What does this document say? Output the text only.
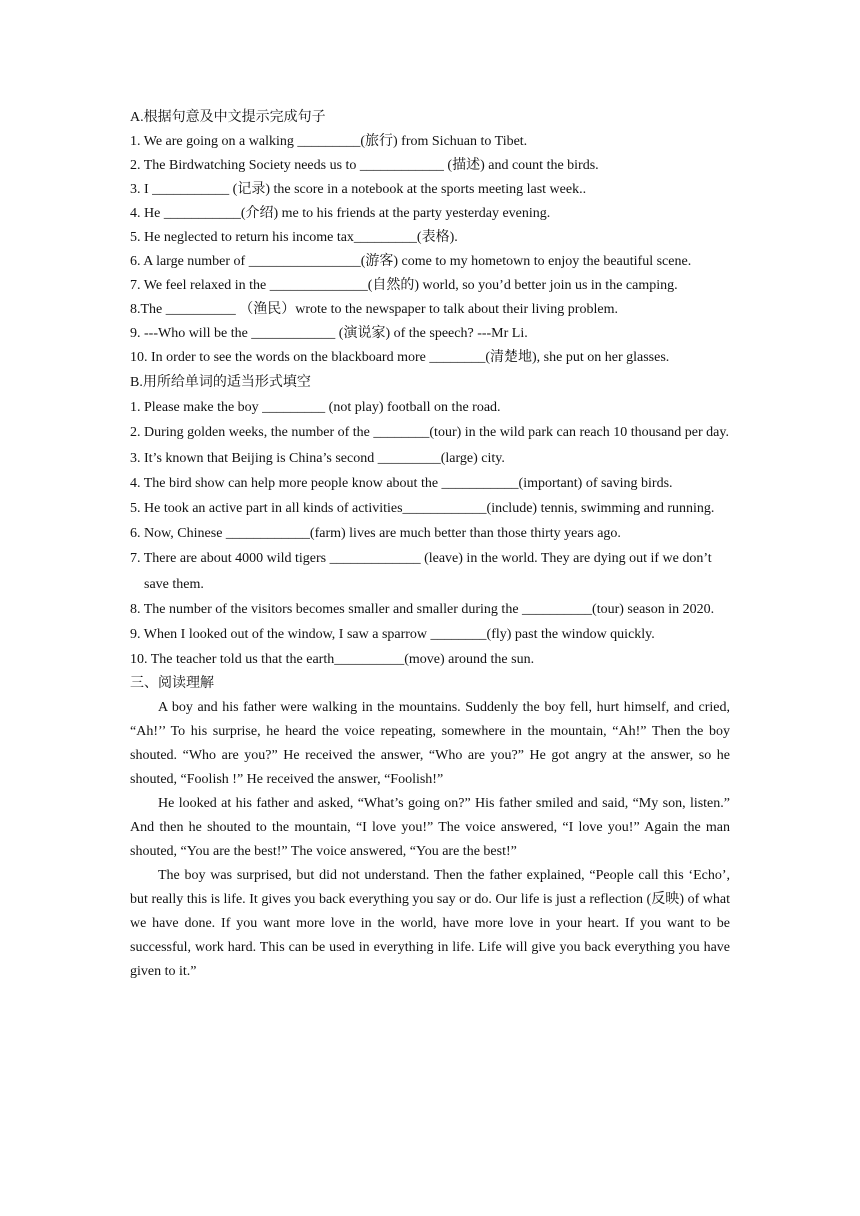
A.根据句意及中文提示完成句子
1. We are going on a walking _________(旅行) from Sichuan to Tibet.
2. The Birdwatching Society needs us to ____________ (描述) and count the birds.
3. I ___________ (记录) the score in a notebook at the sports meeting last week..
4. He ___________(介绍) me to his friends at the party yesterday evening.
5. He neglected to return his income tax_________(表格).
6. A large number of ________________(游客) come to my hometown to enjoy the beautiful scene.
7. We feel relaxed in the ______________(自然的) world, so you’d better join us in the camping.
8.The __________ （渔民）wrote to the newspaper to talk about their living problem.
9. ---Who will be the ____________ (演说家) of the speech? ---Mr Li.
10. In order to see the words on the blackboard more ________(清楚地), she put on her glasses.
B.用所给单词的适当形式填空
1. Please make the boy _________ (not play) football on the road.
2. During golden weeks, the number of the ________(tour) in the wild park can reach 10 thousand per day.
3. It’s known that Beijing is China’s second _________(large) city.
4. The bird show can help more people know about the ___________(important) of saving birds.
5. He took an active part in all kinds of activities____________(include) tennis, swimming and running.
6. Now, Chinese ____________(farm) lives are much better than those thirty years ago.
7. There are about 4000 wild tigers _____________ (leave) in the world. They are dying out if we don’t
save them.
8. The number of the visitors becomes smaller and smaller during the __________(tour) season in 2020.
9. When I looked out of the window, I saw a sparrow ________(fly) past the window quickly.
10. The teacher told us that the earth__________(move) around the sun.
三、阅读理解

A boy and his father were walking in the mountains. Suddenly the boy fell, hurt himself, and cried, “Ah!’’ To his surprise, he heard the voice repeating, somewhere in the mountain, “Ah!” Then the boy shouted. “Who are you?” He received the answer, “Who are you?” He got angry at the answer, so he shouted, “Foolish !” He received the answer, “Foolish!”

He looked at his father and asked, “What’s going on?” His father smiled and said, “My son, listen.” And then he shouted to the mountain, “I love you!” The voice answered, “I love you!” Again the man shouted, “You are the best!” The voice answered, “You are the best!”

The boy was surprised, but did not understand. Then the father explained, “People call this ‘Echo’, but really this is life. It gives you back everything you say or do. Our life is just a reflection (反映) of what we have done. If you want more love in the world, have more love in your heart. If you want to be successful, work hard. This can be used in everything in life. Life will give you back everything you have given to it.”
